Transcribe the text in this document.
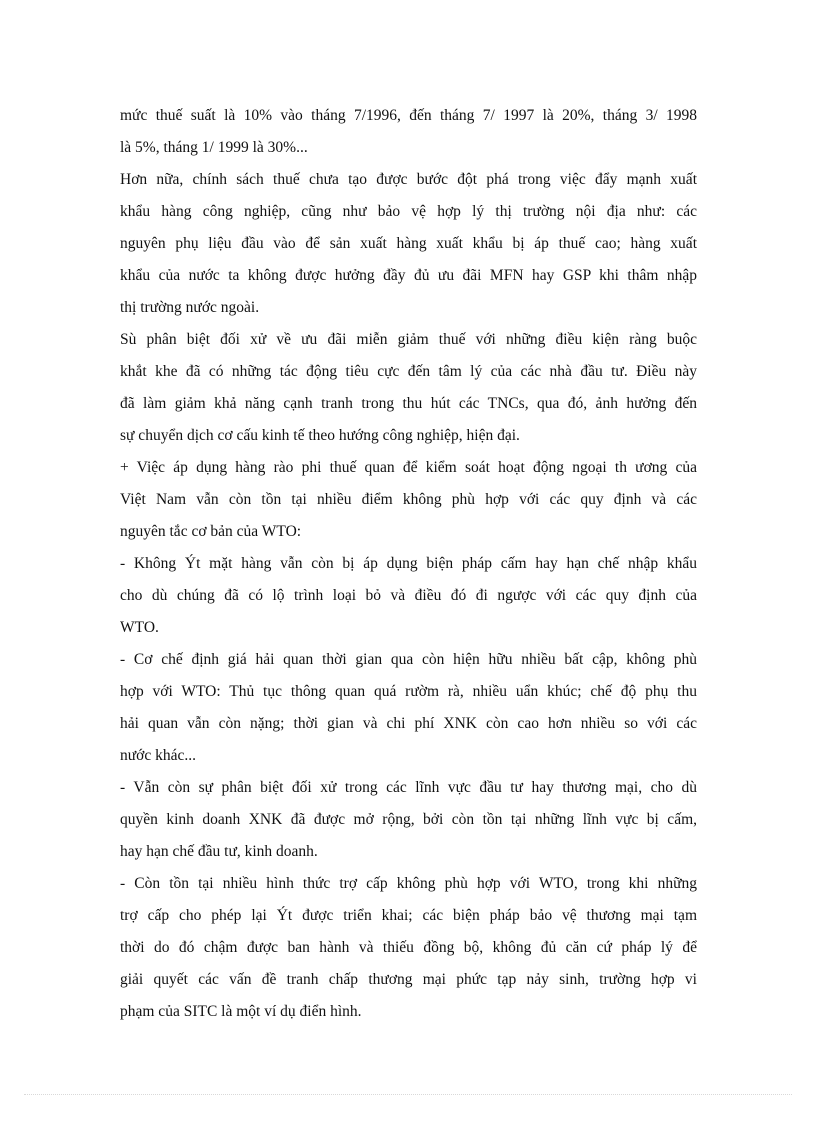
mức thuế suất là 10% vào tháng 7/1996, đến tháng 7/ 1997 là 20%, tháng 3/ 1998
là 5%, tháng 1/ 1999 là 30%...
Hơn nữa, chính sách thuế chưa tạo được bước đột phá trong việc đẩy mạnh xuất
khẩu hàng công nghiệp, cũng như bảo vệ hợp lý thị trường nội địa như: các
nguyên phụ liệu đầu vào để sản xuất hàng xuất khẩu bị áp thuế cao; hàng xuất
khẩu của nước ta không được hưởng đầy đủ ưu đãi MFN hay GSP khi thâm nhập
thị trường nước ngoài.
Sù phân biệt đối xử về ưu đãi miễn giảm thuế với những điều kiện ràng buộc
khắt khe đã có những tác động tiêu cực đến tâm lý của các nhà đầu tư. Điều này
đã làm giảm khả năng cạnh tranh trong thu hút các TNCs, qua đó, ảnh hưởng đến
sự chuyển dịch cơ cấu kinh tế theo hướng công nghiệp, hiện đại.
+ Việc áp dụng hàng rào phi thuế quan để kiểm soát hoạt động ngoại th ương của
Việt Nam vẫn còn tồn tại nhiều điểm không phù hợp với các quy định và các
nguyên tắc cơ bản của WTO:
- Không Ýt mặt hàng vẫn còn bị áp dụng biện pháp cấm hay hạn chế nhập khẩu
cho dù chúng đã có lộ trình loại bỏ và điều đó đi ngược với các quy định của
WTO.
- Cơ chế định giá hải quan thời gian qua còn hiện hữu nhiều bất cập, không phù
hợp với WTO: Thủ tục thông quan quá rườm rà, nhiều uẩn khúc; chế độ phụ thu
hải quan vẫn còn nặng; thời gian và chi phí XNK còn cao hơn nhiều so với các
nước khác...
- Vẫn còn sự phân biệt đối xử trong các lĩnh vực đầu tư hay thương mại, cho dù
quyền kinh doanh XNK đã được mở rộng, bởi còn tồn tại những lĩnh vực bị cấm,
hay hạn chế đầu tư, kinh doanh.
- Còn tồn tại nhiều hình thức trợ cấp không phù hợp với WTO, trong khi những
trợ cấp cho phép lại Ýt được triển khai; các biện pháp bảo vệ thương mại tạm
thời do đó chậm được ban hành và thiếu đồng bộ, không đủ căn cứ pháp lý để
giải quyết các vấn đề tranh chấp thương mại phức tạp nảy sinh, trường hợp vi
phạm của SITC là một ví dụ điển hình.
